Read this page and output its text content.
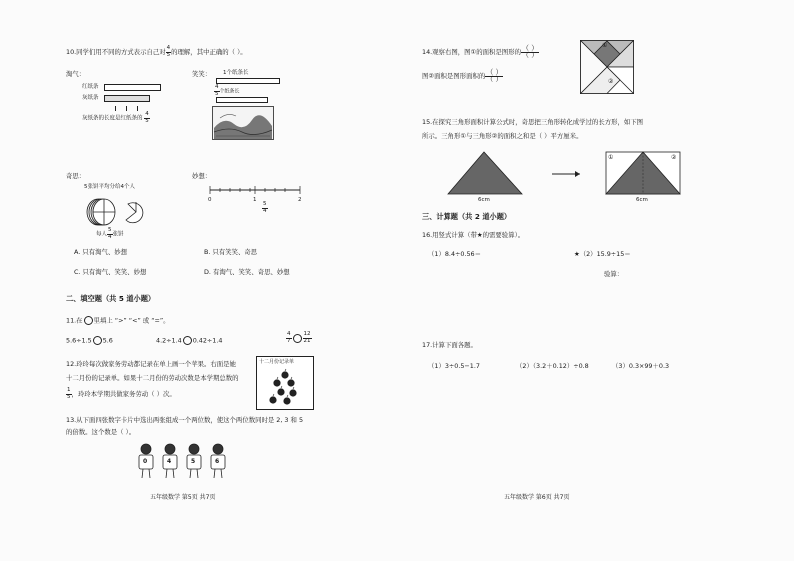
10.同学们用不同的方式表示自己对 $\frac{4}{5}$ 的理解，其中正确的（ ）。
淘气：
红纸条
灰纸条
灰纸条的长度是红纸条的 $\frac{4}{5}$
笑笑： 1个纸条长
$\frac{4}{5}$ 个纸条长
奇思：
5张饼平均分给4个人
每人 $\frac{5}{4}$ 张饼
妙想：
0	1	2
$\frac{5}{4}$
A. 只有淘气、妙想	B. 只有笑笑、奇思
C. 只有淘气、笑笑、妙想	D. 有淘气、笑笑、奇思、妙想
二、填空题（共 5 道小题）
11.在 里填上 “>” “<” 或 “=”。
5.6÷1.5 5.6	4.2÷1.4 0.42÷1.4	$\frac{4}{7} \frac{12}{21}$
12.玲玲每次做家务劳动都记录在单上画一个苹果。右面是她
十二月份的记录单。如果十二月份的劳动次数是本学期总数的
$\frac{1}{5}$ ，玲玲本学期共做家务劳动（ ）次。
十二月份记录单
13.从下面四张数字卡片中选出两张组成一个两位数，使这个两位数同时是 2, 3 和 5
的倍数。这个数是（ ）。
0	4	5	6
五年级数学 第5页 共7页
14.观察右图，图①的面积是图形的 $\frac{( )}{( )}$
图②面积是图形面积的 $\frac{( )}{( )}$
①
②
15.在探究三角形面积计算公式时，奇思把三角形转化成学过的长方形，如下图
所示。三角形①与三角形②的面积之和是（ ）平方厘米。
6cm	6cm
①	②
三、计算题（共 2 道小题）
16.用竖式计算（带★的需要验算）。
（1）8.4÷0.56＝	★（2）15.9÷15＝
验算：
17.计算下面各题。
（1）3÷0.5−1.7	（2）（3.2＋0.12）÷0.8	（3）0.3×99＋0.3
五年级数学 第6页 共7页
